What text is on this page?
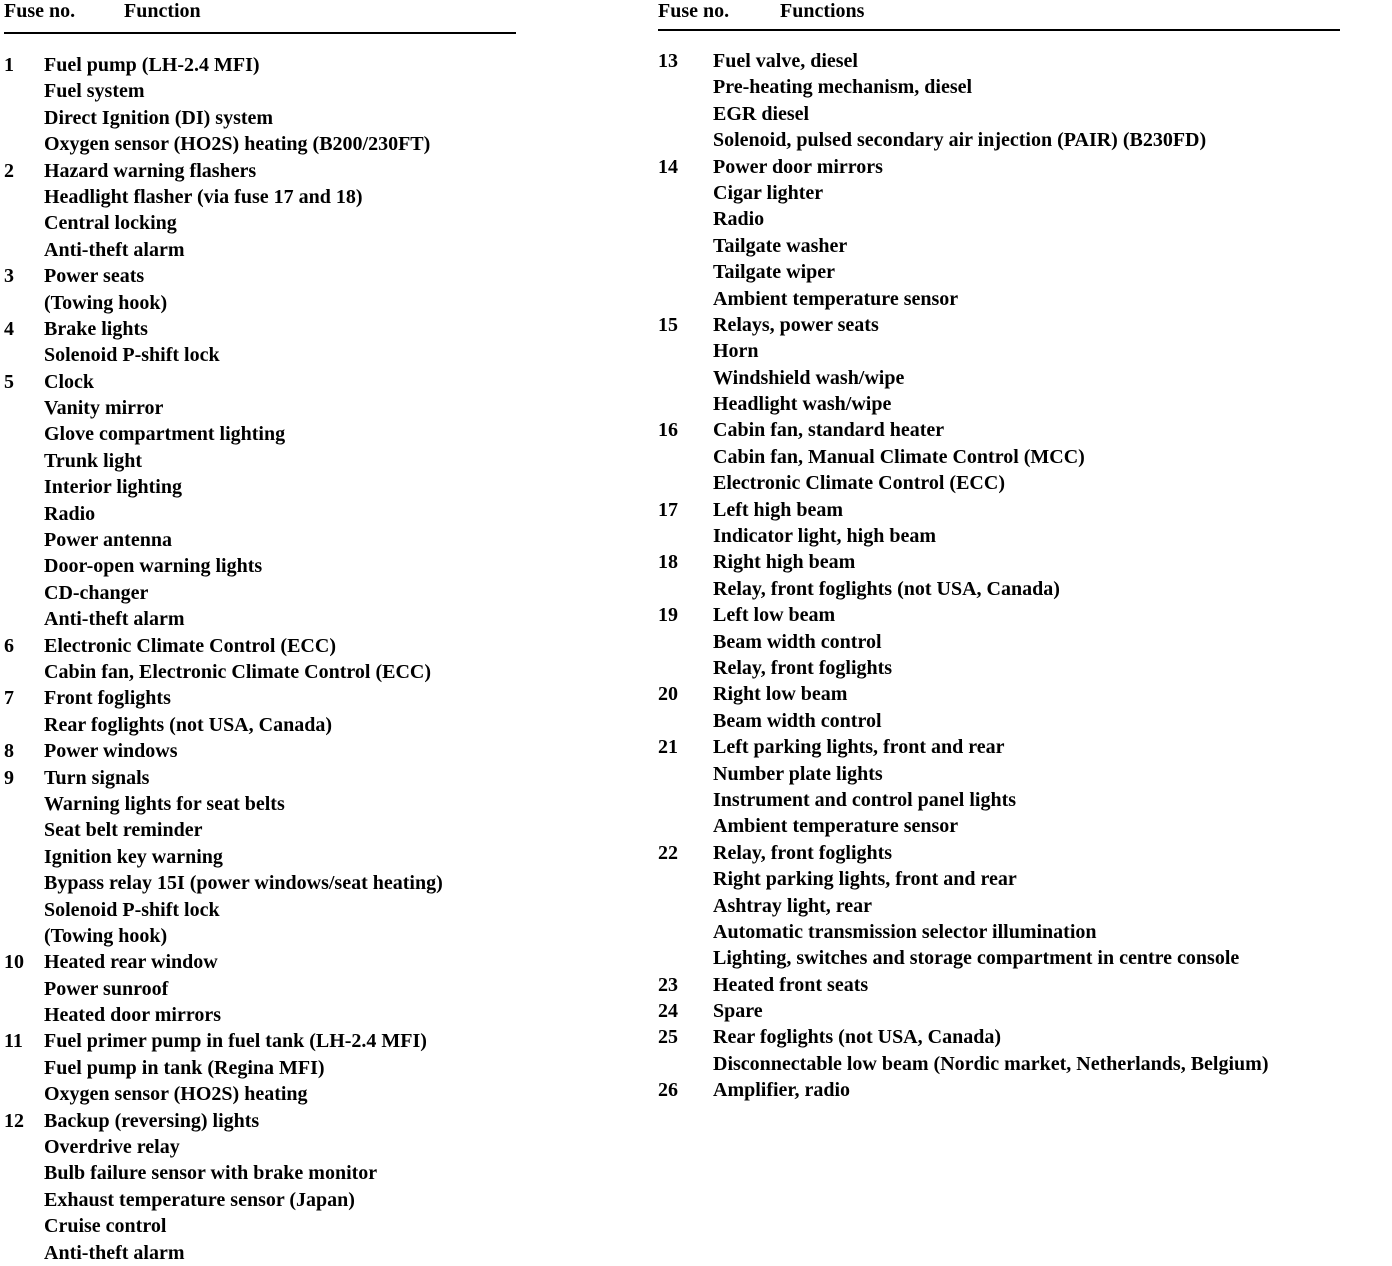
Fuse no. Function
1 Fuel pump (LH-2.4 MFI)
Fuel system
Direct Ignition (DI) system
Oxygen sensor (HO2S) heating (B200/230FT)
2 Hazard warning flashers
Headlight flasher (via fuse 17 and 18)
Central locking
Anti-theft alarm
3 Power seats
(Towing hook)
4 Brake lights
Solenoid P-shift lock
5 Clock
Vanity mirror
Glove compartment lighting
Trunk light
Interior lighting
Radio
Power antenna
Door-open warning lights
CD-changer
Anti-theft alarm
6 Electronic Climate Control (ECC)
Cabin fan, Electronic Climate Control (ECC)
7 Front foglights
Rear foglights (not USA, Canada)
8 Power windows
9 Turn signals
Warning lights for seat belts
Seat belt reminder
Ignition key warning
Bypass relay 15I (power windows/seat heating)
Solenoid P-shift lock
(Towing hook)
10 Heated rear window
Power sunroof
Heated door mirrors
11 Fuel primer pump in fuel tank (LH-2.4 MFI)
Fuel pump in tank (Regina MFI)
Oxygen sensor (HO2S) heating
12 Backup (reversing) lights
Overdrive relay
Bulb failure sensor with brake monitor
Exhaust temperature sensor (Japan)
Cruise control
Anti-theft alarm
Fuse no.	Functions
13 Fuel valve, diesel
Pre-heating mechanism, diesel
EGR diesel
Solenoid, pulsed secondary air injection (PAIR) (B230FD)
14 Power door mirrors
Cigar lighter
Radio
Tailgate washer
Tailgate wiper
Ambient temperature sensor
15 Relays, power seats
Horn
Windshield wash/wipe
Headlight wash/wipe
16 Cabin fan, standard heater
Cabin fan, Manual Climate Control (MCC)
Electronic Climate Control (ECC)
17 Left high beam
Indicator light, high beam
18 Right high beam
Relay, front foglights (not USA, Canada)
19 Left low beam
Beam width control
Relay, front foglights
20 Right low beam
Beam width control
21 Left parking lights, front and rear
Number plate lights
Instrument and control panel lights
Ambient temperature sensor
22 Relay, front foglights
Right parking lights, front and rear
Ashtray light, rear
Automatic transmission selector illumination
Lighting, switches and storage compartment in centre console
23 Heated front seats
24 Spare
25 Rear foglights (not USA, Canada)
Disconnectable low beam (Nordic market, Netherlands, Belgium)
26 Amplifier, radio
